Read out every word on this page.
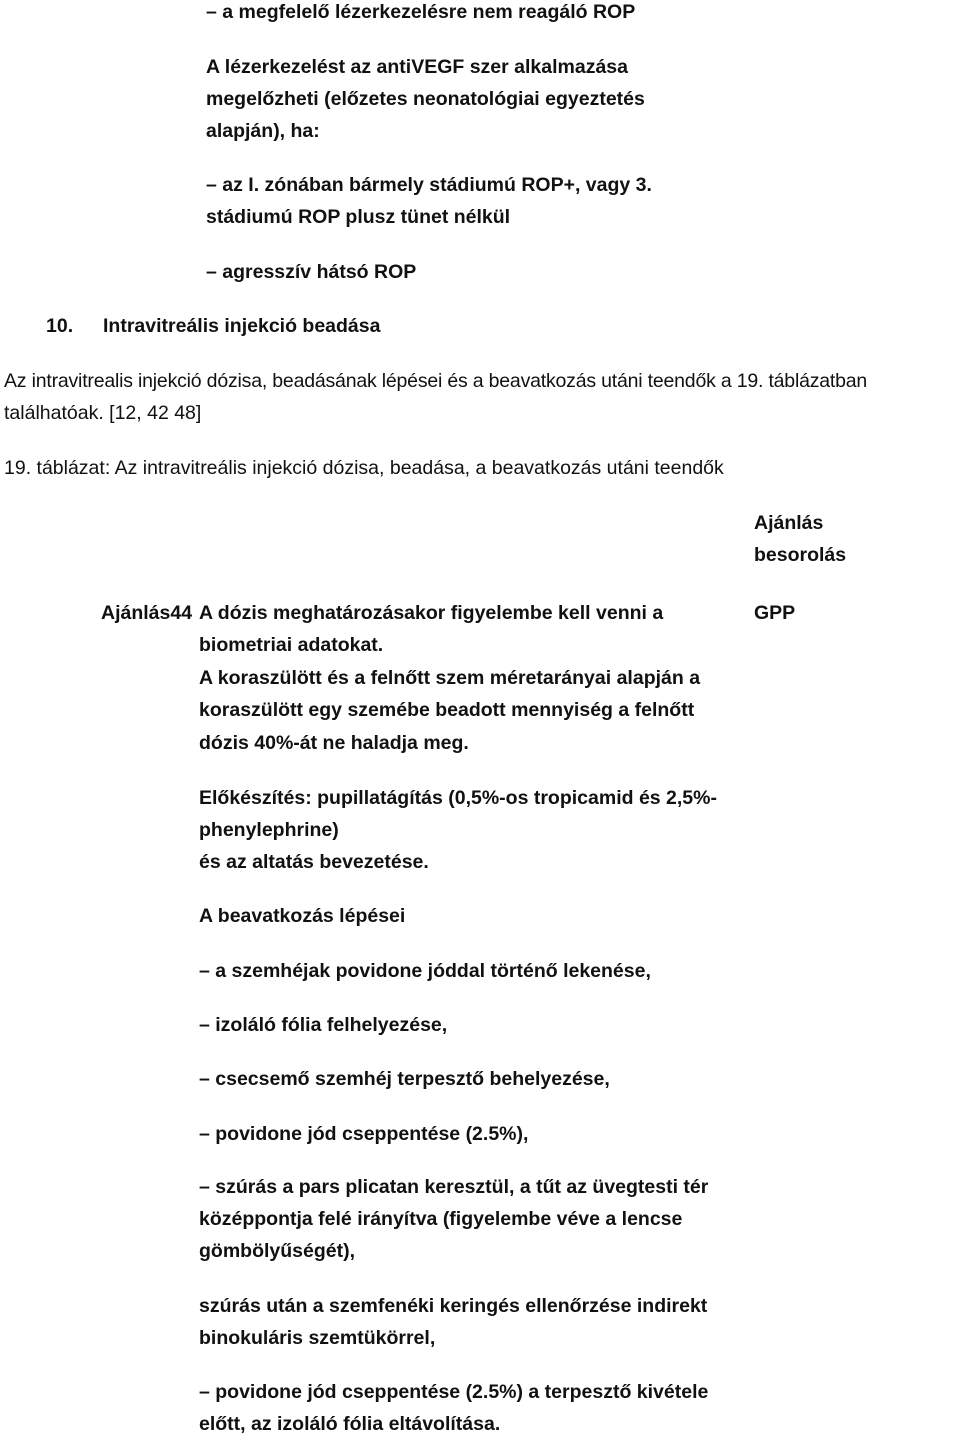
– a megfelelő lézerkezelésre nem reagáló ROP

A lézerkezelést az antiVEGF szer alkalmazása

megelőzheti (előzetes neonatológiai egyeztetés

alapján), ha:

– az I. zónában bármely stádiumú ROP+, vagy 3.

stádiumú ROP plusz tünet nélkül

– agresszív hátsó ROP

10. Intravitreális injekció beadása

Az intravitrealis injekció dózisa, beadásának lépései és a beavatkozás utáni teendők a 19. táblázatban

találhatóak. [12, 42 48]

19. táblázat: Az intravitreális injekció dózisa, beadása, a beavatkozás utáni teendők

Ajánlás

besorolás

Ajánlás44	GPP

A dózis meghatározásakor figyelembe kell venni a

biometriai adatokat.

A koraszülött és a felnőtt szem méretarányai alapján a

koraszülött egy szemébe beadott mennyiség a felnőtt

dózis 40%-át ne haladja meg.

Előkészítés: pupillatágítás (0,5%-os tropicamid és 2,5%-

phenylephrine)

és az altatás bevezetése.

A beavatkozás lépései

– a szemhéjak povidone jóddal történő lekenése,

– izoláló fólia felhelyezése,

– csecsemő szemhéj terpesztő behelyezése,

– povidone jód cseppentése (2.5%),

– szúrás a pars plicatan keresztül, a tűt az üvegtesti tér

középpontja felé irányítva (figyelembe véve a lencse

gömbölyűségét),

szúrás után a szemfenéki keringés ellenőrzése indirekt

binokuláris szemtükörrel,

– povidone jód cseppentése (2.5%) a terpesztő kivétele

előtt, az izoláló fólia eltávolítása.
